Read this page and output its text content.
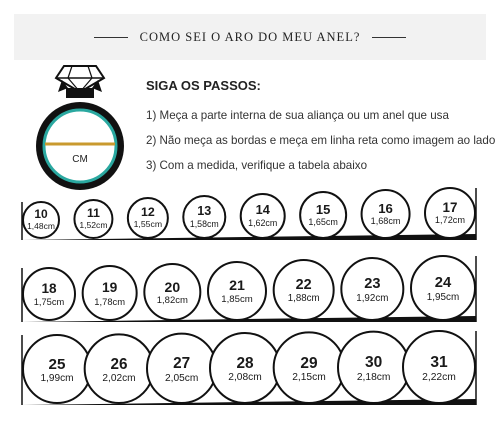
COMO SEI O ARO DO MEU ANEL?
CM
SIGA OS PASSOS:
1) Meça a parte interna de sua aliança ou um anel que usa
2) Não meça as bordas e meça em linha reta como imagem ao lado
3) Com a medida, verifique a tabela abaixo
10
1,48cm
11
1,52cm
12
1,55cm
13
1,58cm
14
1,62cm
15
1,65cm
16
1,68cm
17
1,72cm
18
1,75cm
19
1,78cm
20
1,82cm
21
1,85cm
22
1,88cm
23
1,92cm
24
1,95cm
25
1,99cm
26
2,02cm
27
2,05cm
28
2,08cm
29
2,15cm
30
2,18cm
31
2,22cm
